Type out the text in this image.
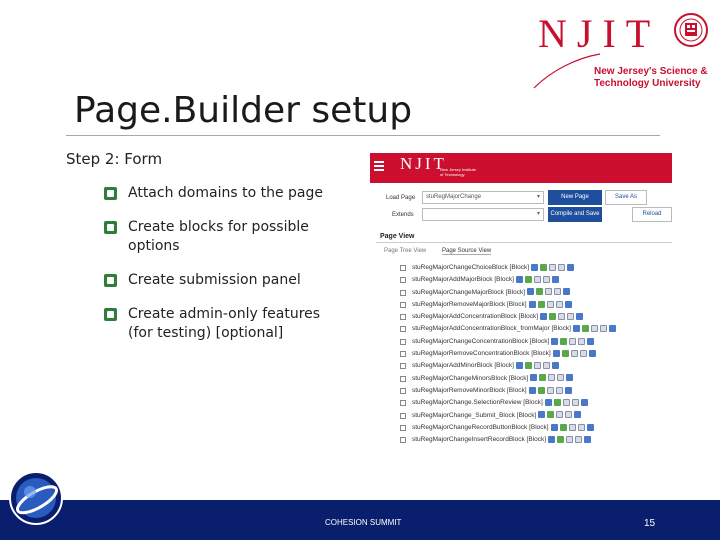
NJIT
New Jersey's Science &
Technology University
Page.Builder setup
Step 2: Form
Attach domains to the page
Create blocks for possible
options
Create submission panel
Create admin-only features
(for testing) [optional]
NJIT
New Jersey Institute of Technology
Load Page	stuRegMajorChange	▾	New Page	Save As
Extends	▾	Compile and Save	Reload
Page View
Page Tree View	Page Source View
stuRegMajorChangeChoiceBlock [Block]
stuRegMajorAddMajorBlock [Block]
stuRegMajorChangeMajorBlock [Block]
stuRegMajorRemoveMajorBlock [Block]
stuRegMajorAddConcentrationBlock [Block]
stuRegMajorAddConcentrationBlock_fromMajor [Block]
stuRegMajorChangeConcentrationBlock [Block]
stuRegMajorRemoveConcentrationBlock [Block]
stuRegMajorAddMinorBlock [Block]
stuRegMajorChangeMinorsBlock [Block]
stuRegMajorRemoveMinorBlock [Block]
stuRegMajorChange.SelectionReview [Block]
stuRegMajorChange_Submit_Block [Block]
stuRegMajorChangeRecordButtonBlock [Block]
stuRegMajorChangeInsertRecordBlock [Block]
COHESION SUMMIT	15
